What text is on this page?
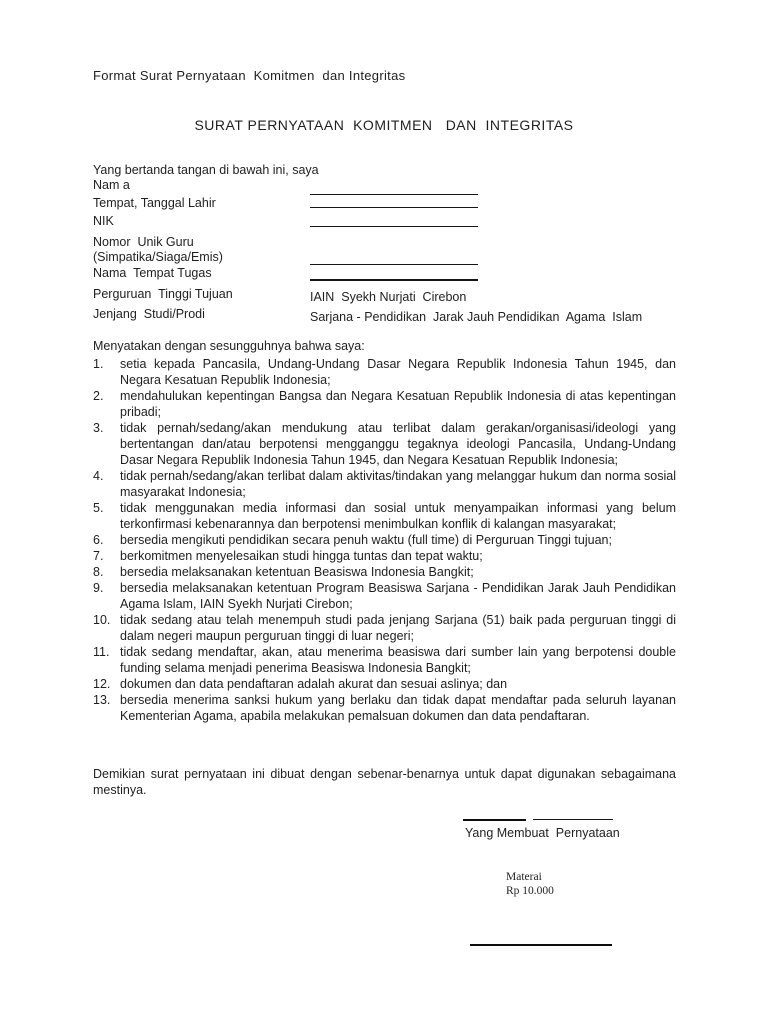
Format Surat Pernyataan  Komitmen  dan Integritas
SURAT PERNYATAAN  KOMITMEN   DAN  INTEGRITAS
Yang bertanda tangan di bawah ini, saya
Nam a
Tempat, Tanggal Lahir
NIK
Nomor  Unik Guru
(Simpatika/Siaga/Emis)
Nama  Tempat Tugas
Perguruan  Tinggi Tujuan	IAIN  Syekh Nurjati  Cirebon
Jenjang  Studi/Prodi	Sarjana - Pendidikan  Jarak Jauh Pendidikan  Agama  Islam
Menyatakan dengan sesungguhnya bahwa saya:
setia kepada Pancasila, Undang-Undang Dasar Negara Republik Indonesia Tahun 1945, dan Negara Kesatuan Republik Indonesia;
mendahulukan kepentingan Bangsa dan Negara Kesatuan Republik Indonesia di atas kepentingan pribadi;
tidak pernah/sedang/akan mendukung atau terlibat dalam gerakan/organisasi/ideologi yang bertentangan dan/atau berpotensi mengganggu tegaknya ideologi Pancasila, Undang-Undang Dasar Negara Republik Indonesia Tahun 1945, dan Negara Kesatuan Republik Indonesia;
tidak pernah/sedang/akan terlibat dalam aktivitas/tindakan yang melanggar hukum dan norma sosial masyarakat Indonesia;
tidak menggunakan media informasi dan sosial untuk menyampaikan informasi yang belum terkonfirmasi kebenarannya dan berpotensi menimbulkan konflik di kalangan masyarakat;
bersedia mengikuti pendidikan secara penuh waktu (full time) di Perguruan Tinggi tujuan;
berkomitmen menyelesaikan studi hingga tuntas dan tepat waktu;
bersedia melaksanakan ketentuan Beasiswa Indonesia Bangkit;
bersedia melaksanakan ketentuan Program Beasiswa Sarjana - Pendidikan Jarak Jauh Pendidikan Agama Islam, IAIN Syekh Nurjati Cirebon;
tidak sedang atau telah menempuh studi pada jenjang Sarjana (51) baik pada perguruan tinggi di dalam negeri maupun perguruan tinggi di luar negeri;
tidak sedang mendaftar, akan, atau menerima beasiswa dari sumber lain yang berpotensi double funding selama menjadi penerima Beasiswa Indonesia Bangkit;
dokumen dan data pendaftaran adalah akurat dan sesuai aslinya; dan
bersedia menerima sanksi hukum yang berlaku dan tidak dapat mendaftar pada seluruh layanan Kementerian Agama, apabila melakukan pemalsuan dokumen dan data pendaftaran.
Demikian surat pernyataan ini dibuat dengan sebenar-benarnya untuk dapat digunakan sebagaimana mestinya.
Yang Membuat  Pernyataan
Materai
Rp 10.000
